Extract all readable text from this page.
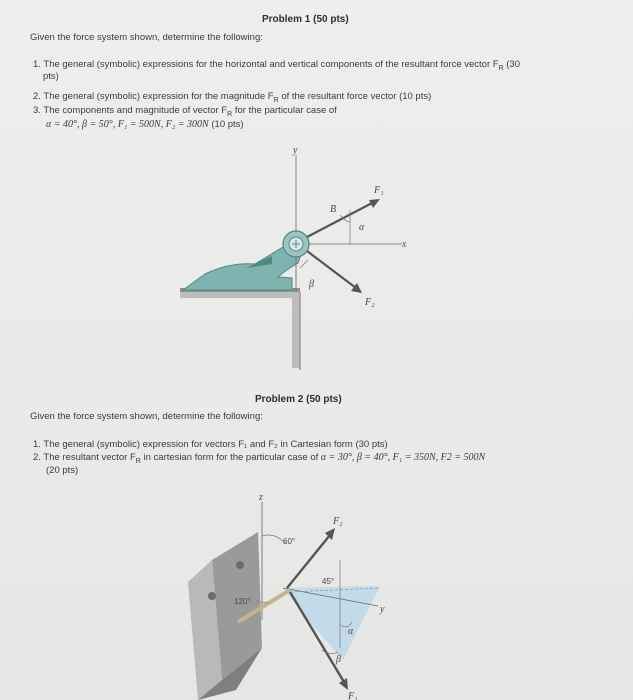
Problem 1 (50 pts)
Given the force system shown, determine the following:
1. The general (symbolic) expressions for the horizontal and vertical components of the resultant force vector $F_R$ (30
pts)
2. The general (symbolic) expression for the magnitude $F_R$ of the resultant force vector (10 pts)
3. The components and magnitude of vector $F_R$ for the particular case of
α = 40°, β = 50°, F₁ = 500N, F₂ = 300N (10 pts)
y
x
F₁
F₂
α
B
β
Problem 2 (50 pts)
Given the force system shown, determine the following:
1. The general (symbolic) expression for vectors F₁ and F₂ in Cartesian form (30 pts)
2. The resultant vector $F_R$ in cartesian form for the particular case of α = 30°, β = 40°, F₁ = 350N, F2 = 500N
(20 pts)
z
y
F₂
60°
45°
120°
F₁
α
β
